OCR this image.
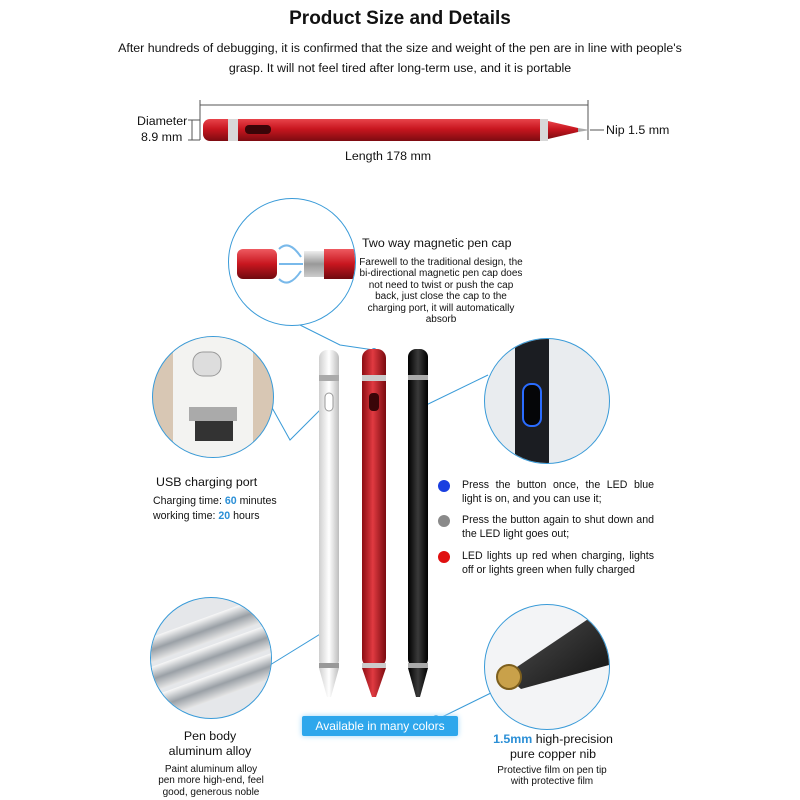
Product Size and Details
After hundreds of debugging, it is confirmed that the size and weight of the pen are in line with people's grasp. It will not feel tired after long-term use, and it is portable
Diameter
8.9 mm
Length 178 mm
Nip 1.5 mm
Two way magnetic pen cap
Farewell to the traditional design, the bi-directional magnetic pen cap does not need to twist or push the cap back, just close the cap to the charging port, it will automatically absorb
USB charging port
Charging time: 60 minutes
working time: 20 hours
Press the button once, the LED blue light is on, and you can use it;
Press the button again to shut down and the LED light goes out;
LED lights up red when charging, lights off or lights green when fully charged
Pen body
aluminum alloy
Paint aluminum alloy pen more high-end, feel good, generous noble
Available in many colors
1.5mm high-precision
pure copper nib
Protective film on pen tip with protective film
